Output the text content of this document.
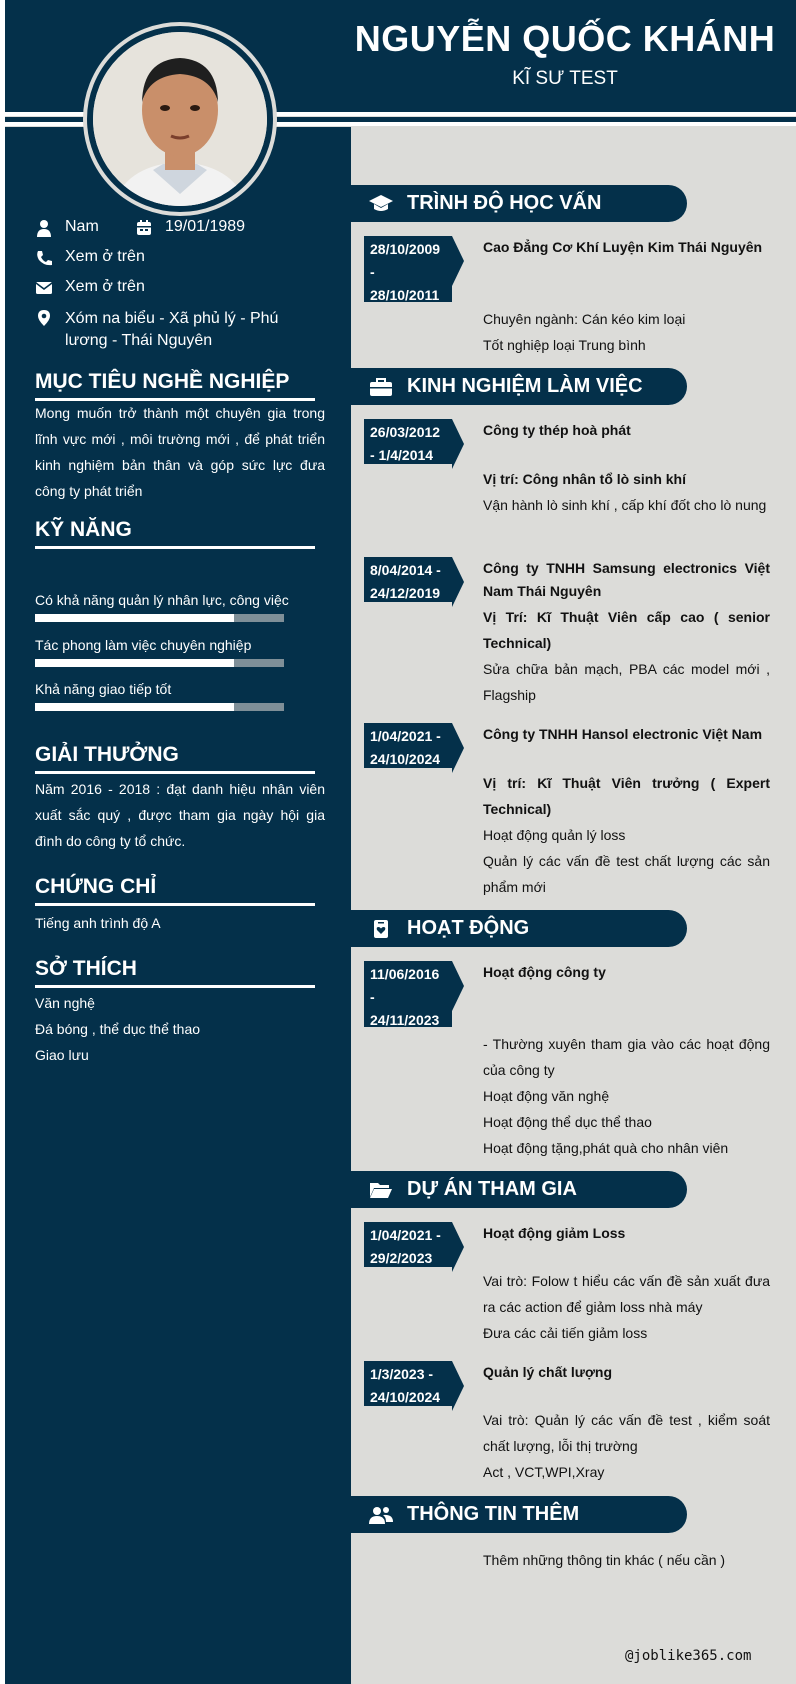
NGUYỄN QUỐC KHÁNH
KĨ SƯ TEST
Nam	19/01/1989
Xem ở trên
Xem ở trên
Xóm na biểu - Xã phủ lý - Phú lương - Thái Nguyên
MỤC TIÊU NGHỀ NGHIỆP
Mong muốn trở thành một chuyên gia trong lĩnh vực mới , môi trường mới , để phát triển kinh nghiệm bản thân và góp sức lực đưa công ty phát triển
KỸ NĂNG
Có khả năng quản lý nhân lực, công việc
Tác phong làm việc chuyên nghiệp
Khả năng giao tiếp tốt
GIẢI THƯỞNG
Năm 2016 - 2018 : đạt danh hiệu nhân viên xuất sắc quý , được tham gia ngày hội gia đình do công ty tổ chức.
CHỨNG CHỈ
Tiếng anh trình độ A
SỞ THÍCH
Văn nghệ
Đá bóng , thể dục thể thao
Giao lưu
TRÌNH ĐỘ HỌC VẤN
28/10/2009 - 28/10/2011
Cao Đẳng Cơ Khí Luyện Kim Thái Nguyên
Chuyên ngành: Cán kéo kim loại
Tốt nghiệp loại Trung bình
KINH NGHIỆM LÀM VIỆC
26/03/2012 - 1/4/2014
Công ty thép hoà phát
Vị trí: Công nhân tổ lò sinh khí
Vận hành lò sinh khí , cấp khí đốt cho lò nung
8/04/2014 - 24/12/2019
Công ty TNHH Samsung electronics Việt Nam Thái Nguyên
Vị Trí: Kĩ Thuật Viên cấp cao ( senior Technical)
Sửa chữa bản mạch, PBA các model mới , Flagship
1/04/2021 - 24/10/2024
Công ty TNHH Hansol electronic Việt Nam
Vị trí: Kĩ Thuật Viên trưởng ( Expert Technical)
Hoạt động quản lý loss
Quản lý các vấn đề test chất lượng các sản phẩm mới
HOẠT ĐỘNG
11/06/2016 - 24/11/2023
Hoạt động công ty
- Thường xuyên tham gia vào các hoạt động của công ty
Hoạt động văn nghệ
Hoạt động thể dục thể thao
Hoạt động tặng,phát quà cho nhân viên
DỰ ÁN THAM GIA
1/04/2021 - 29/2/2023
Hoạt động giảm Loss
Vai trò: Folow t hiểu các vấn đề sản xuất đưa ra các action để giảm loss nhà máy
Đưa các cải tiến giảm loss
1/3/2023 - 24/10/2024
Quản lý chất lượng
Vai trò: Quản lý các vấn đề test , kiểm soát chất lượng, lỗi thị trường
Act , VCT,WPI,Xray
THÔNG TIN THÊM
Thêm những thông tin khác ( nếu cần )
@joblike365.com
